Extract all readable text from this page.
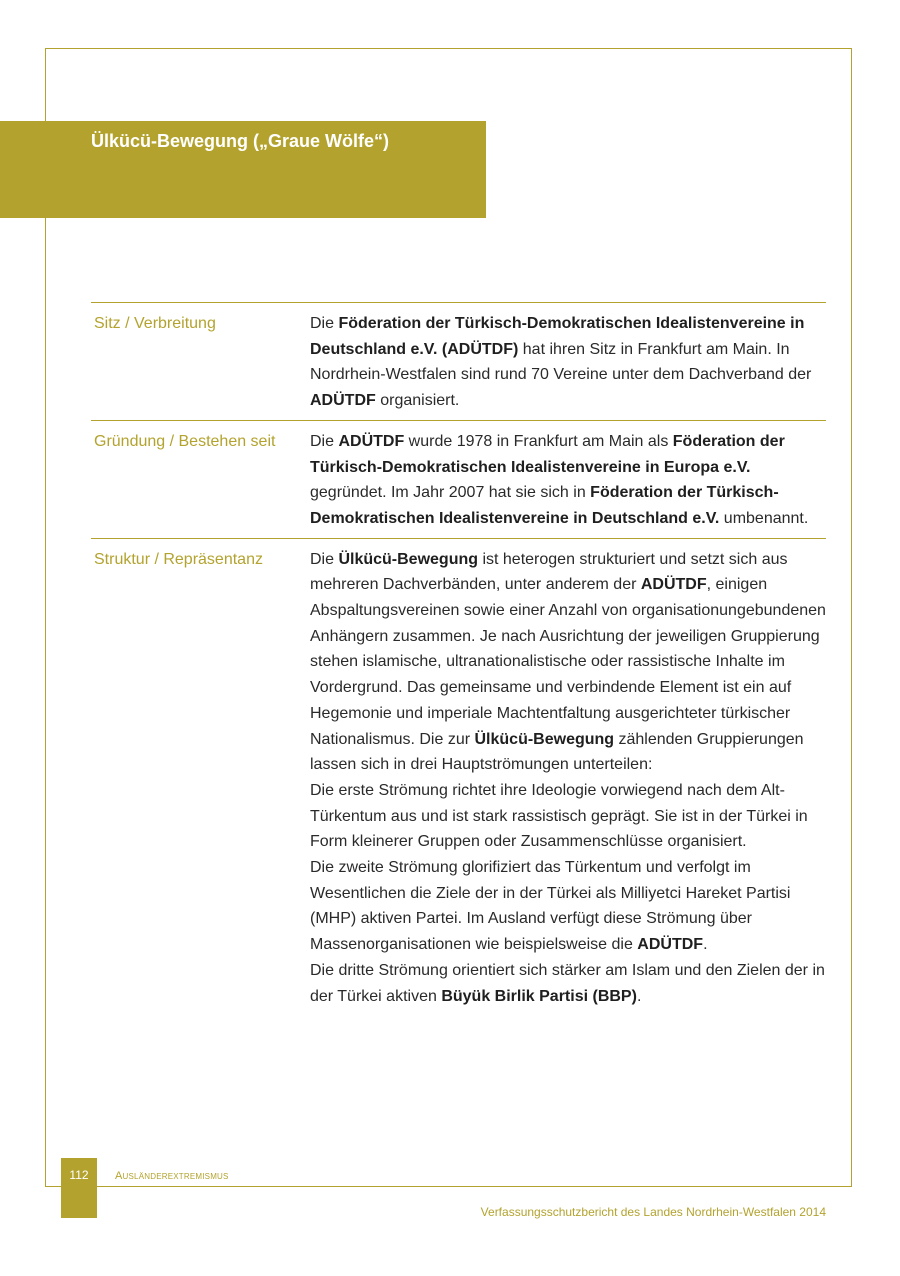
Ülkücü-Bewegung („Graue Wölfe“)
Sitz / Verbreitung	Die Föderation der Türkisch-Demokratischen Idealistenvereine in Deutschland e.V. (ADÜTDF) hat ihren Sitz in Frankfurt am Main. In Nordrhein-Westfalen sind rund 70 Vereine unter dem Dachverband der ADÜTDF organisiert.
Gründung / Bestehen seit	Die ADÜTDF wurde 1978 in Frankfurt am Main als Föderation der Türkisch-Demokratischen Idealistenvereine in Europa e.V. gegründet. Im Jahr 2007 hat sie sich in Föderation der Türkisch- Demokratischen Idealistenvereine in Deutschland e.V. umbenannt.
Struktur / Repräsentanz	Die Ülkücü-Bewegung ist heterogen strukturiert und setzt sich aus mehreren Dachverbänden, unter anderem der ADÜTDF, einigen Abspaltungsvereinen sowie einer Anzahl von organisationungebundenen Anhängern zusammen. Je nach Ausrichtung der jeweiligen Gruppierung stehen islamische, ultranationalistische oder rassistische Inhalte im Vordergrund. Das gemeinsame und verbindende Element ist ein auf Hegemonie und imperiale Machtentfaltung ausgerichteter türkischer Nationalismus. Die zur Ülkücü-Bewegung zählenden Gruppierungen lassen sich in drei Hauptströmungen unterteilen:
Die erste Strömung richtet ihre Ideologie vorwiegend nach dem Alt-Türkentum aus und ist stark rassistisch geprägt. Sie ist in der Türkei in Form kleinerer Gruppen oder Zusammenschlüsse organisiert.
Die zweite Strömung glorifiziert das Türkentum und verfolgt im Wesentlichen die Ziele der in der Türkei als Milliyetci Hareket Partisi (MHP) aktiven Partei. Im Ausland verfügt diese Strömung über Massenorganisationen wie beispielsweise die ADÜTDF.
Die dritte Strömung orientiert sich stärker am Islam und den Zielen der in der Türkei aktiven Büyük Birlik Partisi (BBP).
112	Ausländerextremismus
Verfassungsschutzbericht des Landes Nordrhein-Westfalen 2014
